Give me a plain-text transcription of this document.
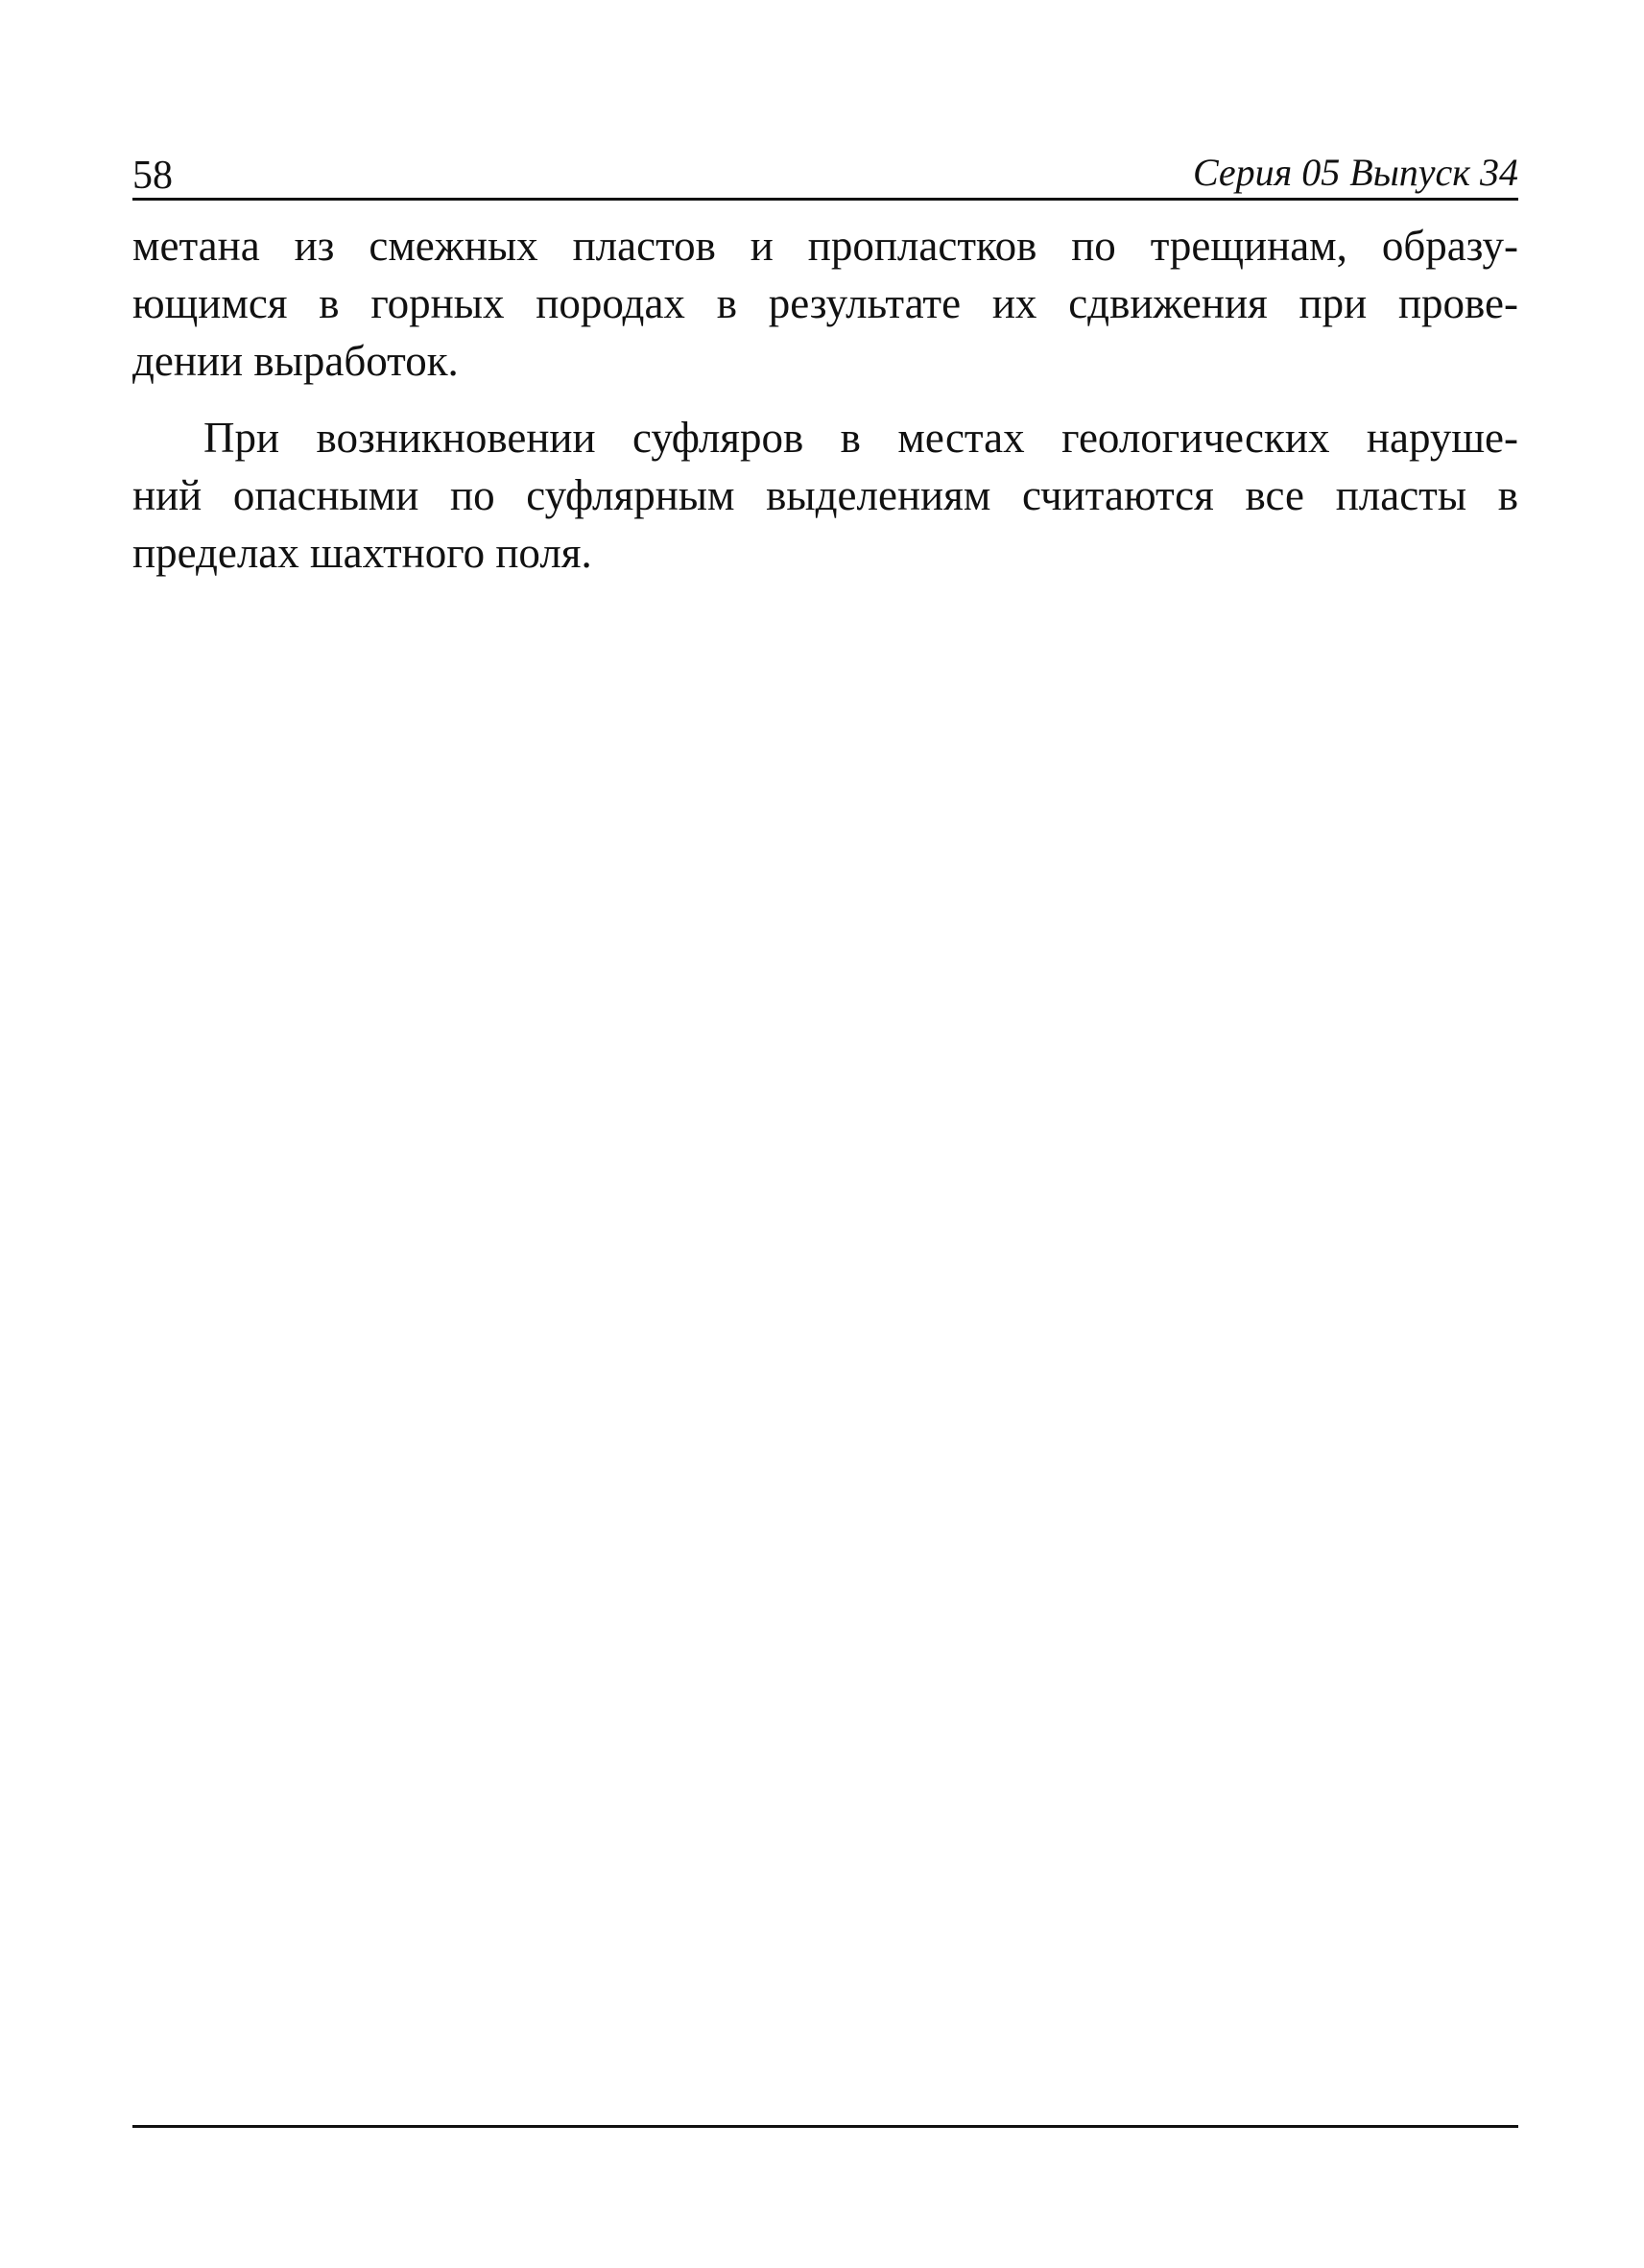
58	Серия 05 Выпуск 34

метана из смежных пластов и пропластков по трещинам, образу-
ющимся в горных породах в результате их сдвижения при прове-
дении выработок.

При возникновении суфляров в местах геологических наруше-
ний опасными по суфлярным выделениям считаются все пласты в
пределах шахтного поля.
